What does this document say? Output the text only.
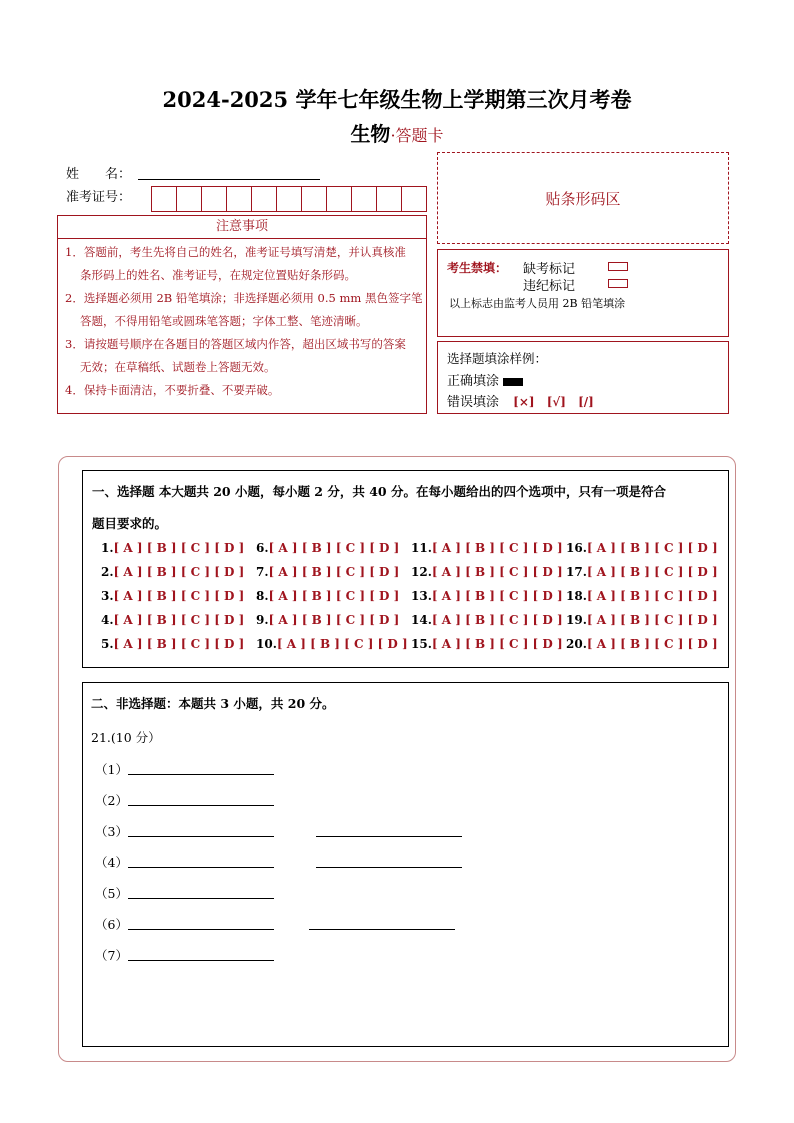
2024-2025 学年七年级生物上学期第三次月考卷
生物·答题卡
姓　　名：
准考证号：	贴条形码区
注意事项

1．答题前，考生先将自己的姓名，准考证号填写清楚，并认真核准
条形码上的姓名、准考证号，在规定位置贴好条形码。

2．选择题必须用 2B 铅笔填涂；非选择题必须用 0.5 mm 黑色签字笔
答题，不得用铅笔或圆珠笔答题；字体工整、笔迹清晰。

3．请按题号顺序在各题目的答题区域内作答，超出区域书写的答案
无效；在草稿纸、试题卷上答题无效。

4．保持卡面清洁，不要折叠、不要弄破。

考生禁填： 缺考标记
违纪标记
以上标志由监考人员用 2B 铅笔填涂
选择题填涂样例：
正确填涂
错误填涂 [×] [√] [/]
一、选择题 本大题共 20 小题，每小题 2 分，共 40 分。在每小题给出的四个选项中，只有一项是符合
题目要求的。
1.[ A ] [ B ] [ C ] [ D ]
2.[ A ] [ B ] [ C ] [ D ]
3.[ A ] [ B ] [ C ] [ D ]
4.[ A ] [ B ] [ C ] [ D ]
5.[ A ] [ B ] [ C ] [ D ]
6.[ A ] [ B ] [ C ] [ D ]
7.[ A ] [ B ] [ C ] [ D ]
8.[ A ] [ B ] [ C ] [ D ]
9.[ A ] [ B ] [ C ] [ D ]
10.[ A ] [ B ] [ C ] [ D ]
11.[ A ] [ B ] [ C ] [ D ]
12.[ A ] [ B ] [ C ] [ D ]
13.[ A ] [ B ] [ C ] [ D ]
14.[ A ] [ B ] [ C ] [ D ]
15.[ A ] [ B ] [ C ] [ D ]
16.[ A ] [ B ] [ C ] [ D ]
17.[ A ] [ B ] [ C ] [ D ]
18.[ A ] [ B ] [ C ] [ D ]
19.[ A ] [ B ] [ C ] [ D ]
20.[ A ] [ B ] [ C ] [ D ]
二、非选择题：本题共 3 小题，共 20 分。
21.(10 分）
（1）
（2）
（3）
（4）
（5）
（6）
（7）
